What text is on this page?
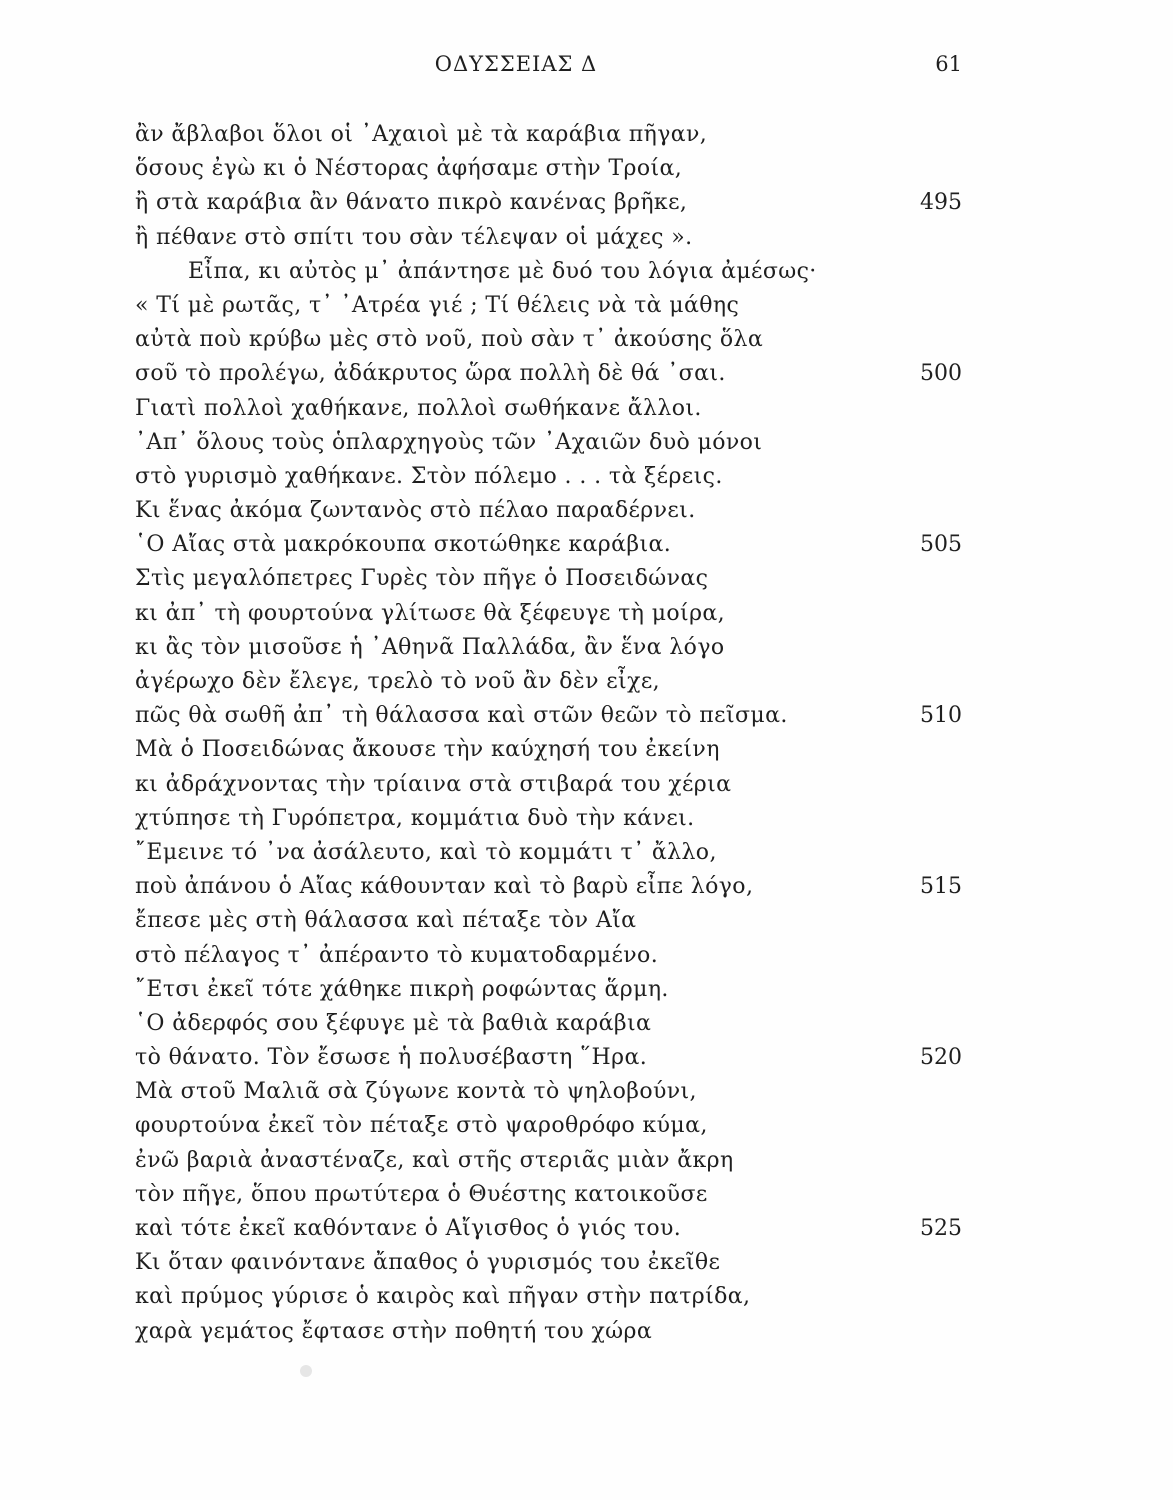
ΟΔΥΣΣΕΙΑΣ Δ	61
ἂν ἄβλαβοι ὅλοι οἱ ᾿Αχαιοὶ μὲ τὰ καράβια πῆγαν,
ὅσους ἐγὼ κι ὁ Νέστορας ἀφήσαμε στὴν Τροία,
ἢ στὰ καράβια ἂν θάνατο πικρὸ κανένας βρῆκε,	495
ἢ πέθανε στὸ σπίτι του σὰν τέλεψαν οἱ μάχες ».
Εἶπα, κι αὐτὸς μ᾿ ἀπάντησε μὲ δυό του λόγια ἀμέσως·
« Τί μὲ ρωτᾶς, τ᾿ ᾿Ατρέα γιέ ; Τί θέλεις νὰ τὰ μάθης
αὐτὰ ποὺ κρύβω μὲς στὸ νοῦ, ποὺ σὰν τ᾿ ἀκούσης ὅλα
σοῦ τὸ προλέγω, ἀδάκρυτος ὥρα πολλὴ δὲ θά ᾿σαι.	500
Γιατὶ πολλοὶ χαθήκανε, πολλοὶ σωθήκανε ἄλλοι.
᾿Απ᾿ ὅλους τοὺς ὁπλαρχηγοὺς τῶν ᾿Αχαιῶν δυὸ μόνοι
στὸ γυρισμὸ χαθήκανε. Στὸν πόλεμο . . . τὰ ξέρεις.
Κι ἕνας ἀκόμα ζωντανὸς στὸ πέλαο παραδέρνει.
῾Ο Αἴας στὰ μακρόκουπα σκοτώθηκε καράβια.	505
Στὶς μεγαλόπετρες Γυρὲς τὸν πῆγε ὁ Ποσειδώνας
κι ἀπ᾿ τὴ φουρτούνα γλίτωσε θὰ ξέφευγε τὴ μοίρα,
κι ἂς τὸν μισοῦσε ἡ ᾿Αθηνᾶ Παλλάδα, ἂν ἕνα λόγο
ἀγέρωχο δὲν ἔλεγε, τρελὸ τὸ νοῦ ἂν δὲν εἶχε,
πῶς θὰ σωθῆ ἀπ᾿ τὴ θάλασσα καὶ στῶν θεῶν τὸ πεῖσμα.	510
Μὰ ὁ Ποσειδώνας ἄκουσε τὴν καύχησή του ἐκείνη
κι ἀδράχνοντας τὴν τρίαινα στὰ στιβαρά του χέρια
χτύπησε τὴ Γυρόπετρα, κομμάτια δυὸ τὴν κάνει.
῎Εμεινε τό ᾿να ἀσάλευτο, καὶ τὸ κομμάτι τ᾿ ἄλλο,
ποὺ ἀπάνου ὁ Αἴας κάθουνταν καὶ τὸ βαρὺ εἶπε λόγο,	515
ἔπεσε μὲς στὴ θάλασσα καὶ πέταξε τὸν Αἴα
στὸ πέλαγος τ᾿ ἀπέραντο τὸ κυματοδαρμένο.
῎Ετσι ἐκεῖ τότε χάθηκε πικρὴ ροφώντας ἅρμη.
῾Ο ἀδερφός σου ξέφυγε μὲ τὰ βαθιὰ καράβια
τὸ θάνατο. Τὸν ἔσωσε ἡ πολυσέβαστη ῞Ηρα.	520
Μὰ στοῦ Μαλιᾶ σὰ ζύγωνε κοντὰ τὸ ψηλοβούνι,
φουρτούνα ἐκεῖ τὸν πέταξε στὸ ψαροθρόφο κύμα,
ἐνῶ βαριὰ ἀναστέναζε, καὶ στῆς στεριᾶς μιὰν ἄκρη
τὸν πῆγε, ὅπου πρωτύτερα ὁ Θυέστης κατοικοῦσε
καὶ τότε ἐκεῖ καθόντανε ὁ Αἴγισθος ὁ γιός του.	525
Κι ὅταν φαινόντανε ἄπαθος ὁ γυρισμός του ἐκεῖθε
καὶ πρύμος γύρισε ὁ καιρὸς καὶ πῆγαν στὴν πατρίδα,
χαρὰ γεμάτος ἔφτασε στὴν ποθητή του χώρα
